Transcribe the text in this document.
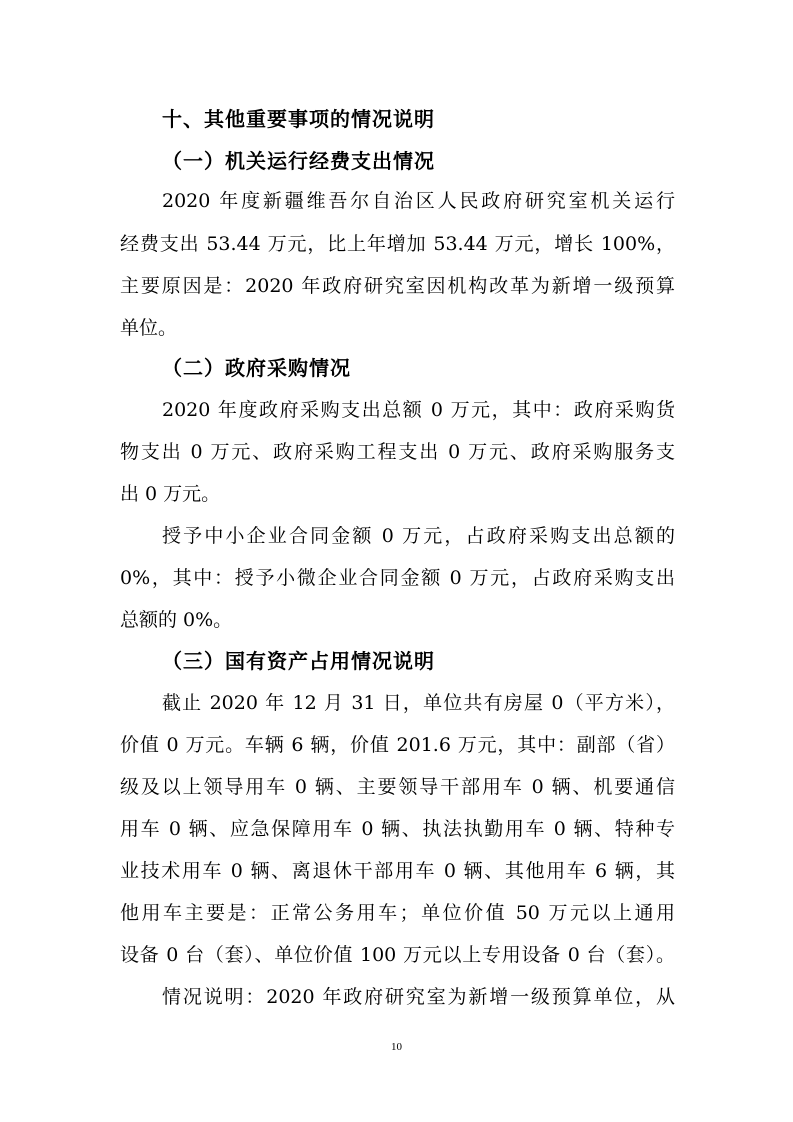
十、其他重要事项的情况说明
（一）机关运行经费支出情况
2020 年度新疆维吾尔自治区人民政府研究室机关运行
经费支出 53.44 万元，比上年增加 53.44 万元，增长 100%，
主要原因是：2020 年政府研究室因机构改革为新增一级预算
单位。
（二）政府采购情况
2020 年度政府采购支出总额 0 万元，其中：政府采购货
物支出 0 万元、政府采购工程支出 0 万元、政府采购服务支
出 0 万元。
授予中小企业合同金额 0 万元，占政府采购支出总额的
0%，其中：授予小微企业合同金额 0 万元，占政府采购支出
总额的 0%。
（三）国有资产占用情况说明
截止 2020 年 12 月 31 日，单位共有房屋 0（平方米），
价值 0 万元。车辆 6 辆，价值 201.6 万元，其中：副部（省）
级及以上领导用车 0 辆、主要领导干部用车 0 辆、机要通信
用车 0 辆、应急保障用车 0 辆、执法执勤用车 0 辆、特种专
业技术用车 0 辆、离退休干部用车 0 辆、其他用车 6 辆，其
他用车主要是：正常公务用车；单位价值 50 万元以上通用
设备 0 台（套）、单位价值 100 万元以上专用设备 0 台（套）。
情况说明：2020 年政府研究室为新增一级预算单位，从
10
